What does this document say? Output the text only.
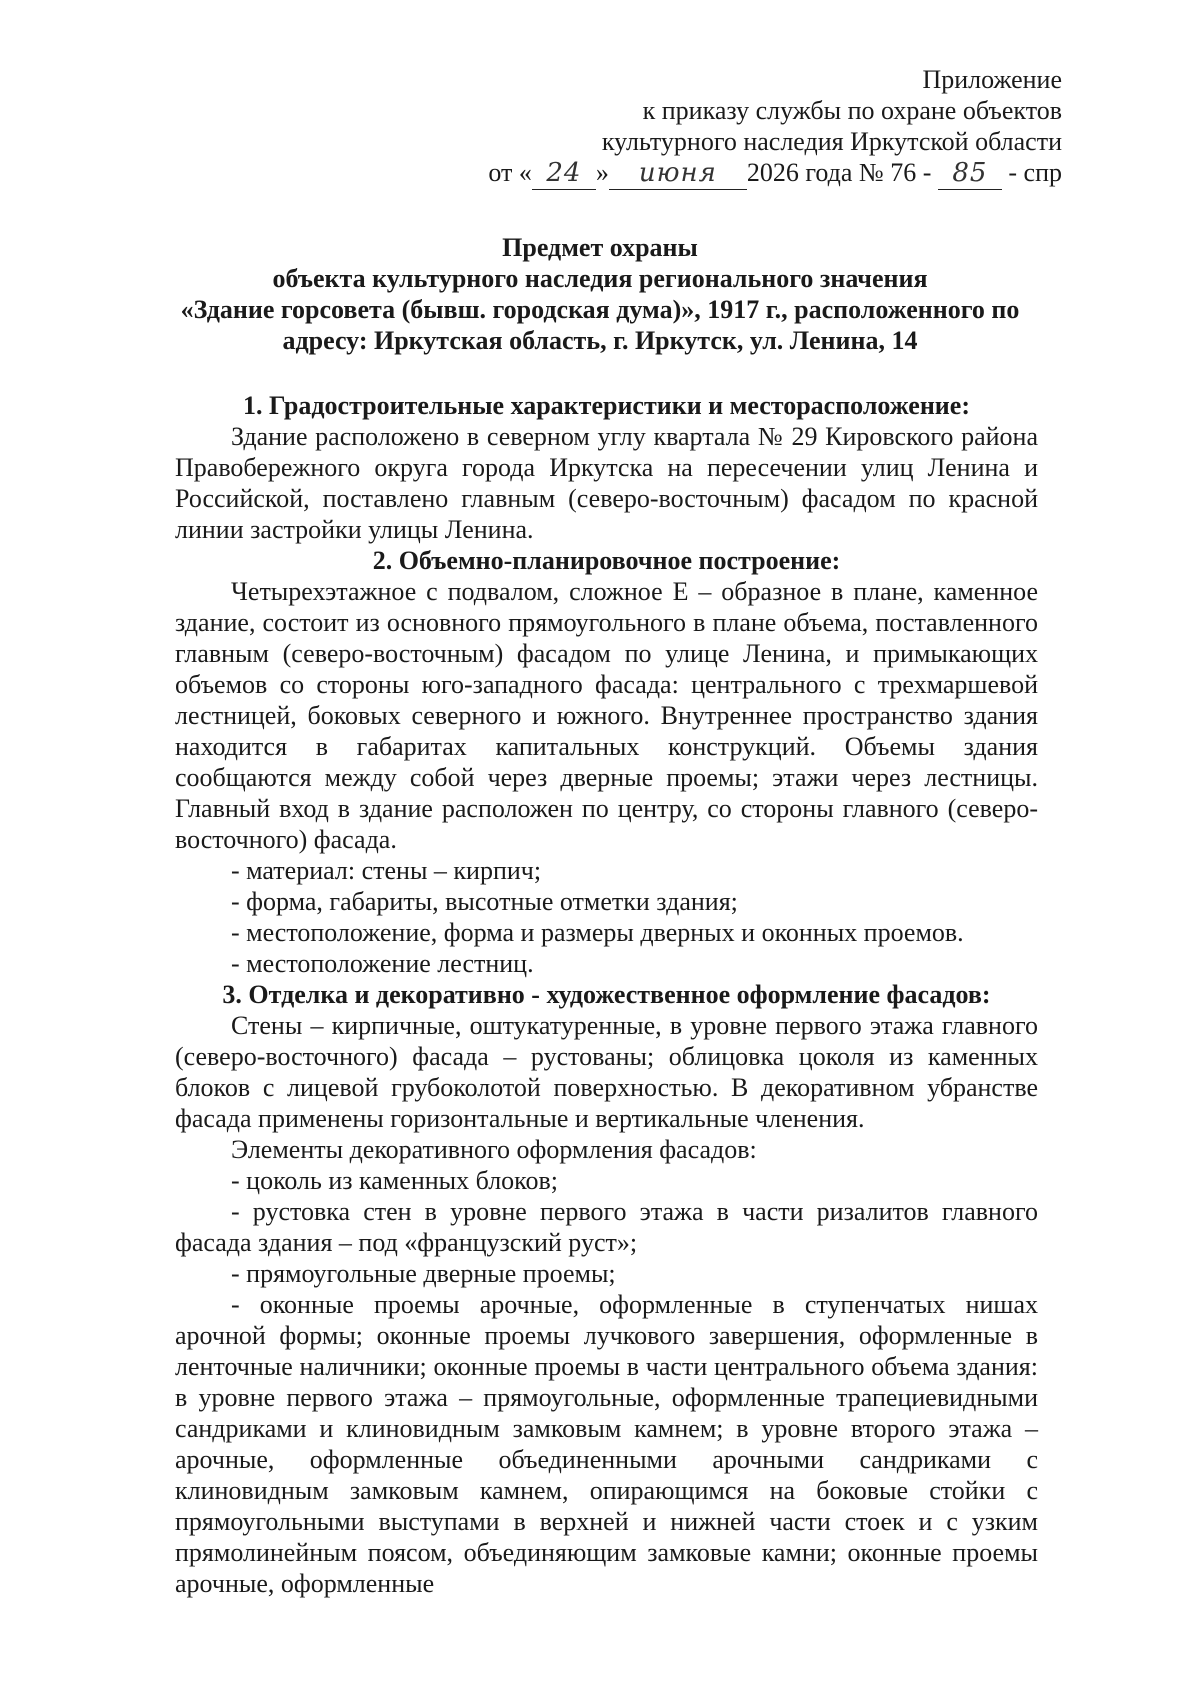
Приложение
к приказу службы по охране объектов
культурного наследия Иркутской области
от « 24 » июня 2026 года № 76 - 85 - спр
Предмет охраны
объекта культурного наследия регионального значения
«Здание горсовета (бывш. городская дума)», 1917 г., расположенного по
адресу: Иркутская область, г. Иркутск, ул. Ленина, 14
1. Градостроительные характеристики и месторасположение:

Здание расположено в северном углу квартала № 29 Кировского района Правобережного округа города Иркутска на пересечении улиц Ленина и Российской, поставлено главным (северо-восточным) фасадом по красной линии застройки улицы Ленина.

2. Объемно-планировочное построение:

Четырехэтажное с подвалом, сложное Е – образное в плане, каменное здание, состоит из основного прямоугольного в плане объема, поставленного главным (северо-восточным) фасадом по улице Ленина, и примыкающих объемов со стороны юго-западного фасада: центрального с трехмаршевой лестницей, боковых северного и южного. Внутреннее пространство здания находится в габаритах капитальных конструкций. Объемы здания сообщаются между собой через дверные проемы; этажи через лестницы. Главный вход в здание расположен по центру, со стороны главного (северо-восточного) фасада.

- материал: стены – кирпич;
- форма, габариты, высотные отметки здания;
- местоположение, форма и размеры дверных и оконных проемов.
- местоположение лестниц.
3. Отделка и декоративно - художественное оформление фасадов:

Стены – кирпичные, оштукатуренные, в уровне первого этажа главного (северо-восточного) фасада – рустованы; облицовка цоколя из каменных блоков с лицевой грубоколотой поверхностью. В декоративном убранстве фасада применены горизонтальные и вертикальные членения.

Элементы декоративного оформления фасадов:
- цоколь из каменных блоков;
- рустовка стен в уровне первого этажа в части ризалитов главного фасада здания – под «французский руст»;
- прямоугольные дверные проемы;
- оконные проемы арочные, оформленные в ступенчатых нишах арочной формы; оконные проемы лучкового завершения, оформленные в ленточные наличники; оконные проемы в части центрального объема здания: в уровне первого этажа – прямоугольные, оформленные трапециевидными сандриками и клиновидным замковым камнем; в уровне второго этажа – арочные, оформленные объединенными арочными сандриками с клиновидным замковым камнем, опирающимся на боковые стойки с прямоугольными выступами в верхней и нижней части стоек и с узким прямолинейным поясом, объединяющим замковые камни; оконные проемы арочные, оформленные
